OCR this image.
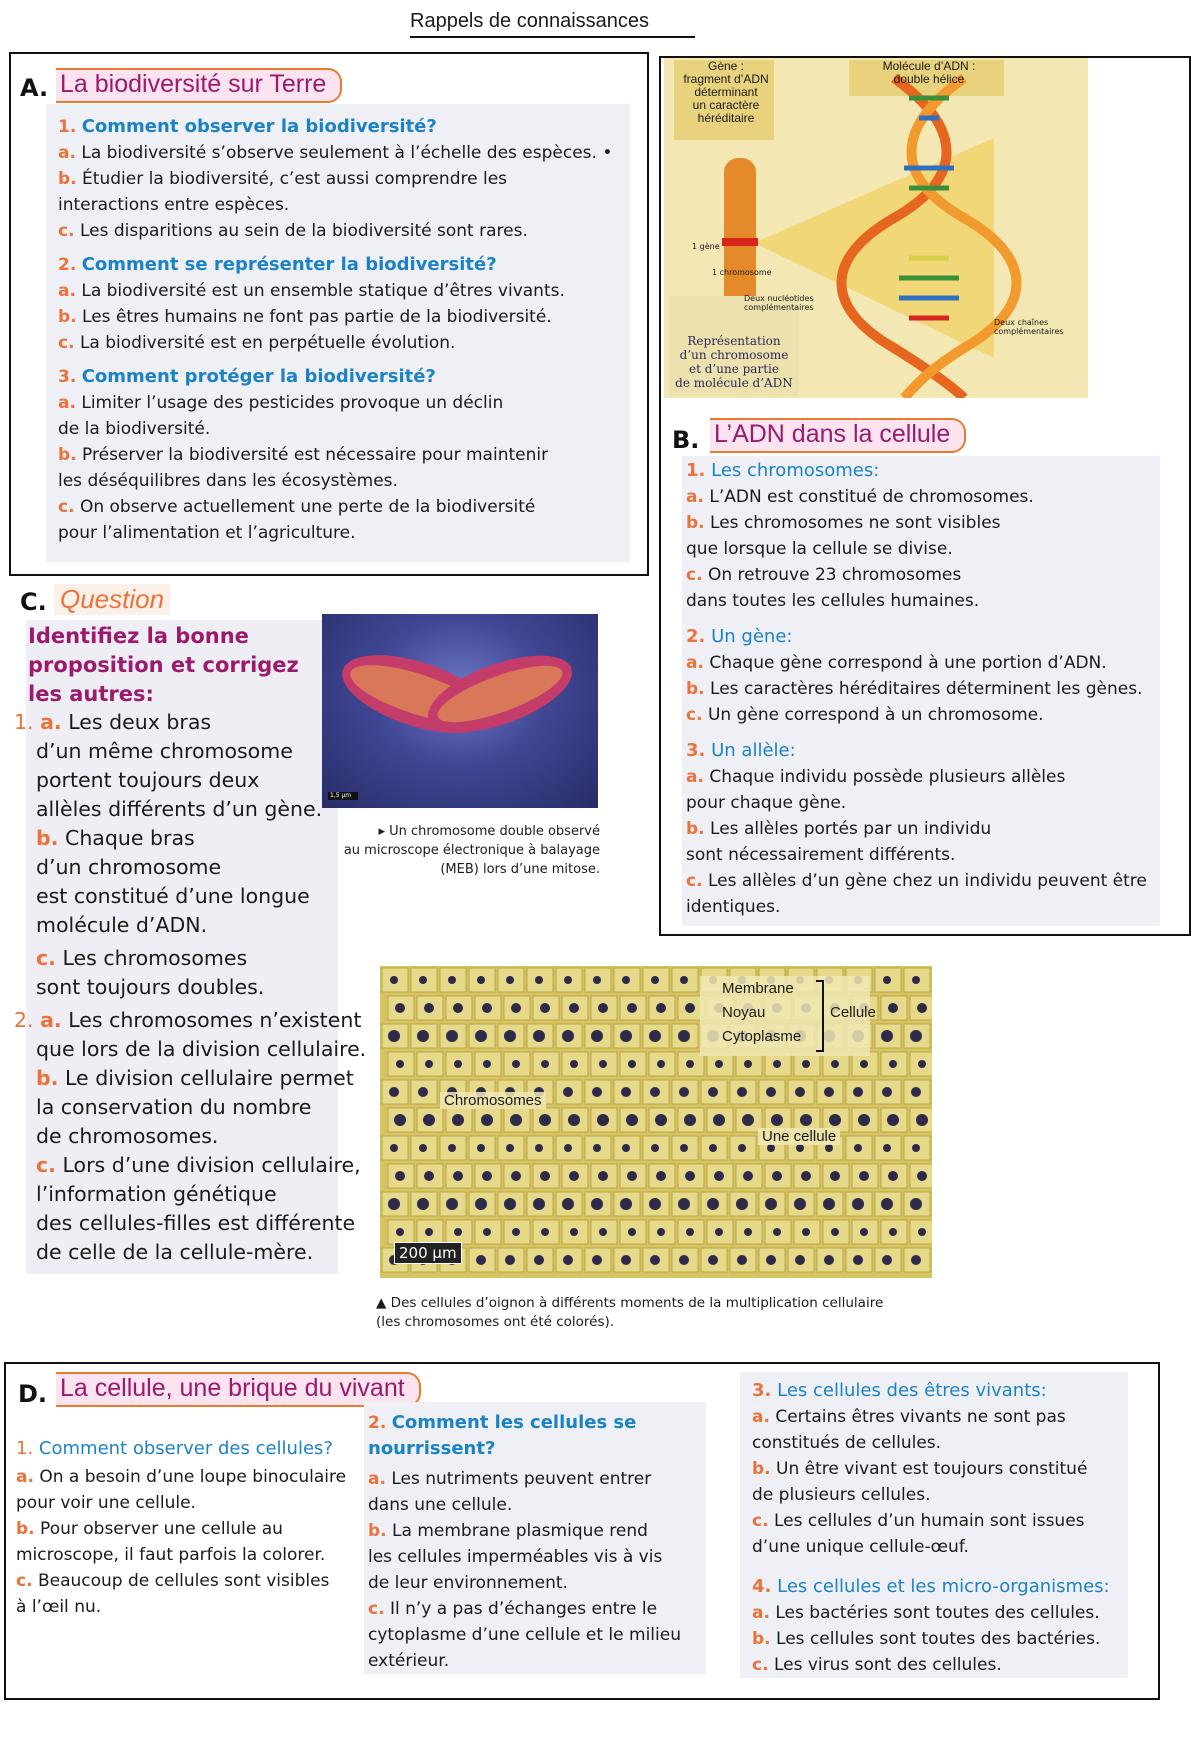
Rappels de connaissances
A. La biodiversité sur Terre
1. Comment observer la biodiversité?
a. La biodiversité s’observe seulement à l’échelle des espèces. •
b. Étudier la biodiversité, c’est aussi comprendre les
interactions entre espèces.
c. Les disparitions au sein de la biodiversité sont rares.
2. Comment se représenter la biodiversité?
a. La biodiversité est un ensemble statique d’êtres vivants.
b. Les êtres humains ne font pas partie de la biodiversité.
c. La biodiversité est en perpétuelle évolution.
3. Comment protéger la biodiversité?
a. Limiter l’usage des pesticides provoque un déclin
de la biodiversité.
b. Préserver la biodiversité est nécessaire pour maintenir
les déséquilibres dans les écosystèmes.
c. On observe actuellement une perte de la biodiversité
pour l’alimentation et l’agriculture.
Gène :
fragment d’ADN
déterminant
un caractère
héréditaire
Molécule d’ADN :
double hélice
1 gène
1 chromosome
Deux nucléotides
complémentaires
Deux chaînes
complémentaires
Représentation
d’un chromosome
et d’une partie
de molécule d’ADN
B. L’ADN dans la cellule
1. Les chromosomes:
a. L’ADN est constitué de chromosomes.
b. Les chromosomes ne sont visibles
que lorsque la cellule se divise.
c. On retrouve 23 chromosomes
dans toutes les cellules humaines.
2. Un gène:
a. Chaque gène correspond à une portion d’ADN.
b. Les caractères héréditaires déterminent les gènes.
c. Un gène correspond à un chromosome.
3. Un allèle:
a. Chaque individu possède plusieurs allèles
pour chaque gène.
b. Les allèles portés par un individu
sont nécessairement différents.
c. Les allèles d’un gène chez un individu peuvent être
identiques.
C. Question
Identifiez la bonne
proposition et corrigez
les autres:
1. a. Les deux bras
d’un même chromosome
portent toujours deux
allèles différents d’un gène.
b. Chaque bras
d’un chromosome
est constitué d’une longue
molécule d’ADN.
c. Les chromosomes
sont toujours doubles.
2. a. Les chromosomes n’existent
que lors de la division cellulaire.
b. Le division cellulaire permet
la conservation du nombre
de chromosomes.
c. Lors d’une division cellulaire,
l’information génétique
des cellules-filles est différente
de celle de la cellule-mère.
1,5 µm
▸ Un chromosome double observé
au microscope électronique à balayage
(MEB) lors d’une mitose.
Membrane
Noyau
Cytoplasme
Cellule
Chromosomes
Une cellule
200 µm
▲ Des cellules d’oignon à différents moments de la multiplication cellulaire
(les chromosomes ont été colorés).
D. La cellule, une brique du vivant
1. Comment observer des cellules?
a. On a besoin d’une loupe binoculaire
pour voir une cellule.
b. Pour observer une cellule au
microscope, il faut parfois la colorer.
c. Beaucoup de cellules sont visibles
à l’œil nu.
2. Comment les cellules se
nourrissent?
a. Les nutriments peuvent entrer
dans une cellule.
b. La membrane plasmique rend
les cellules imperméables vis à vis
de leur environnement.
c. Il n’y a pas d’échanges entre le
cytoplasme d’une cellule et le milieu
extérieur.
3. Les cellules des êtres vivants:
a. Certains êtres vivants ne sont pas
constitués de cellules.
b. Un être vivant est toujours constitué
de plusieurs cellules.
c. Les cellules d’un humain sont issues
d’une unique cellule-œuf.
4. Les cellules et les micro-organismes:
a. Les bactéries sont toutes des cellules.
b. Les cellules sont toutes des bactéries.
c. Les virus sont des cellules.
